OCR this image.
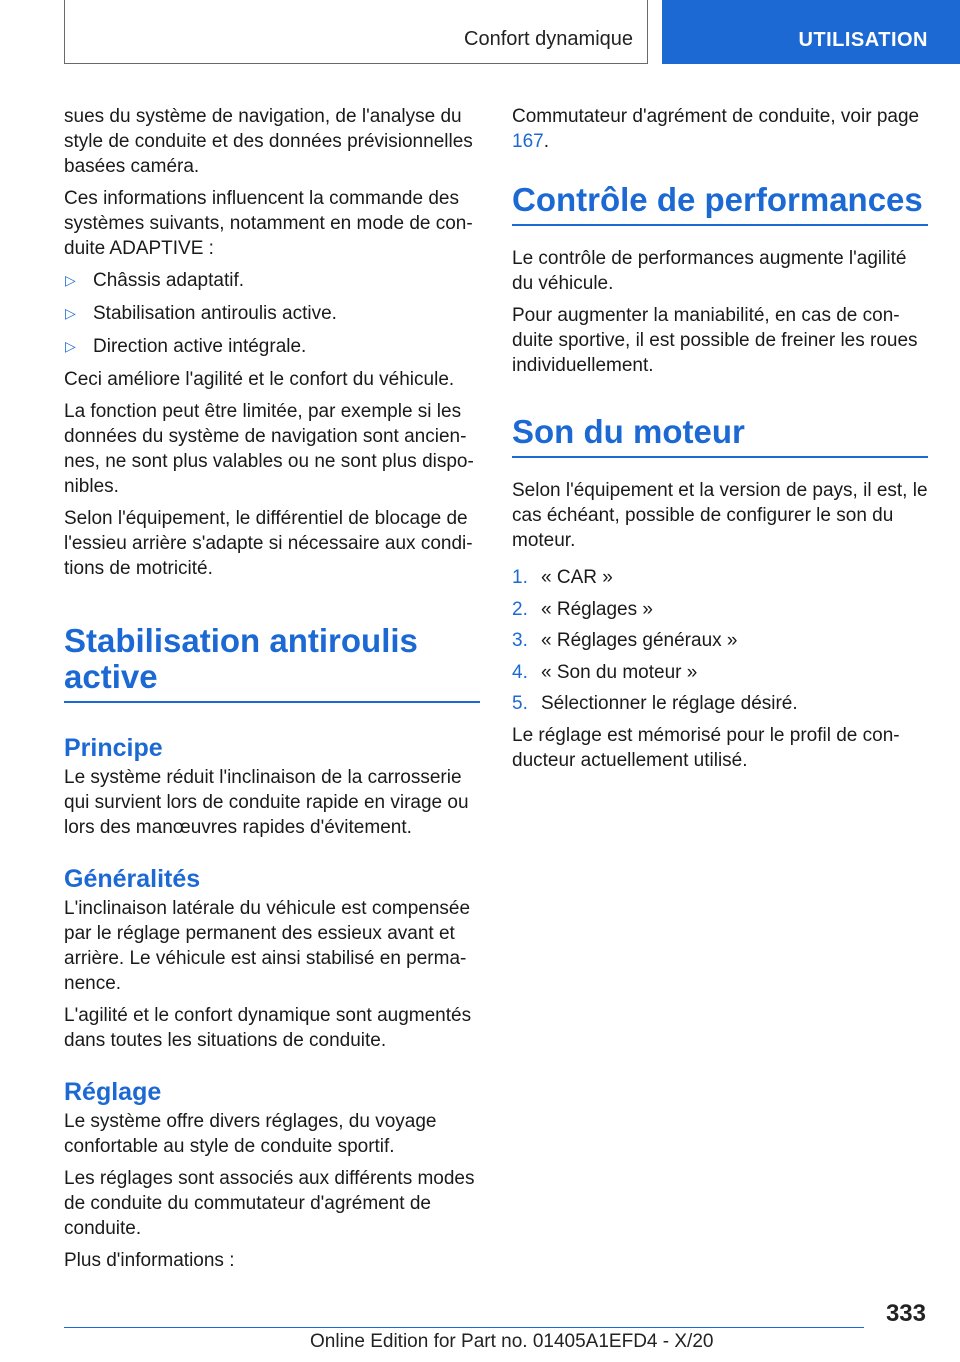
Confort dynamique	UTILISATION

sues du système de navigation, de l'analyse du style de conduite et des données prévisionnelles basées caméra.

Ces informations influencent la commande des systèmes suivants, notamment en mode de con‐duite ADAPTIVE :

▷ Châssis adaptatif.
▷ Stabilisation antiroulis active.
▷ Direction active intégrale.

Ceci améliore l'agilité et le confort du véhicule.

La fonction peut être limitée, par exemple si les données du système de navigation sont ancien‐nes, ne sont plus valables ou ne sont plus dispo‐nibles.

Selon l'équipement, le différentiel de blocage de l'essieu arrière s'adapte si nécessaire aux condi‐tions de motricité.

Stabilisation antiroulis active
Principe

Le système réduit l'inclinaison de la carrosserie qui survient lors de conduite rapide en virage ou lors des manœuvres rapides d'évitement.

Généralités

L'inclinaison latérale du véhicule est compensée par le réglage permanent des essieux avant et arrière. Le véhicule est ainsi stabilisé en perma‐nence.

L'agilité et le confort dynamique sont augmentés dans toutes les situations de conduite.

Réglage

Le système offre divers réglages, du voyage confortable au style de conduite sportif.

Les réglages sont associés aux différents modes de conduite du commutateur d'agrément de conduite.

Plus d'informations :

Commutateur d'agrément de conduite, voir page 167.

Contrôle de performances

Le contrôle de performances augmente l'agilité du véhicule.

Pour augmenter la maniabilité, en cas de con‐duite sportive, il est possible de freiner les roues individuellement.

Son du moteur

Selon l'équipement et la version de pays, il est, le cas échéant, possible de configurer le son du moteur.

1. « CAR »
2. « Réglages »
3. « Réglages généraux »
4. « Son du moteur »
5. Sélectionner le réglage désiré.

Le réglage est mémorisé pour le profil de con‐ducteur actuellement utilisé.

333
Online Edition for Part no. 01405A1EFD4 - X/20
